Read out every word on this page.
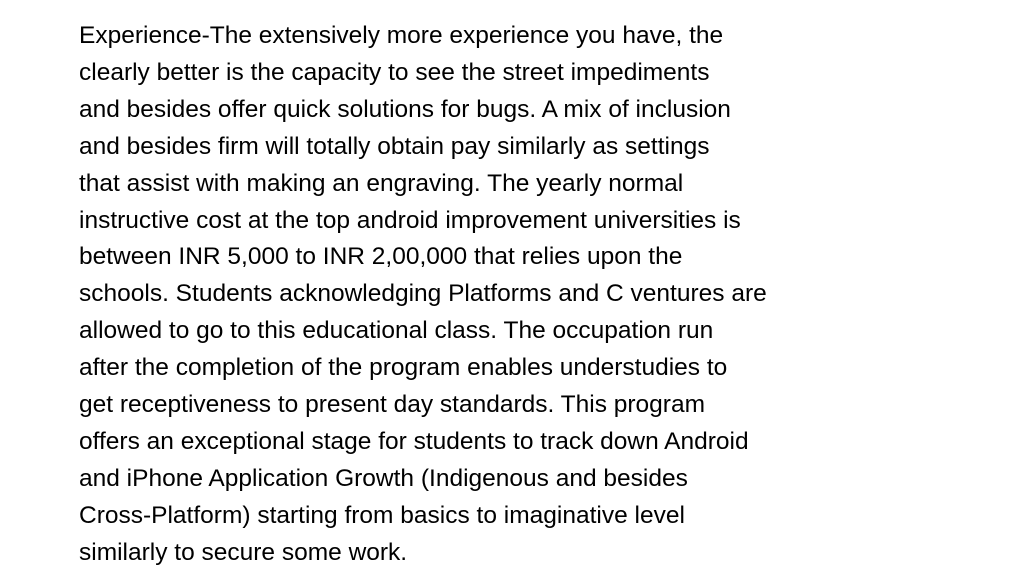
Experience-The extensively more experience you have, the
clearly better is the capacity to see the street impediments
and besides offer quick solutions for bugs. A mix of inclusion
and besides firm will totally obtain pay similarly as settings
that assist with making an engraving. The yearly normal
instructive cost at the top android improvement universities is
between INR 5,000 to INR 2,00,000 that relies upon the
schools. Students acknowledging Platforms and C ventures are
allowed to go to this educational class. The occupation run
after the completion of the program enables understudies to
get receptiveness to present day standards. This program
offers an exceptional stage for students to track down Android
and iPhone Application Growth (Indigenous and besides
Cross-Platform) starting from basics to imaginative level
similarly to secure some work.
